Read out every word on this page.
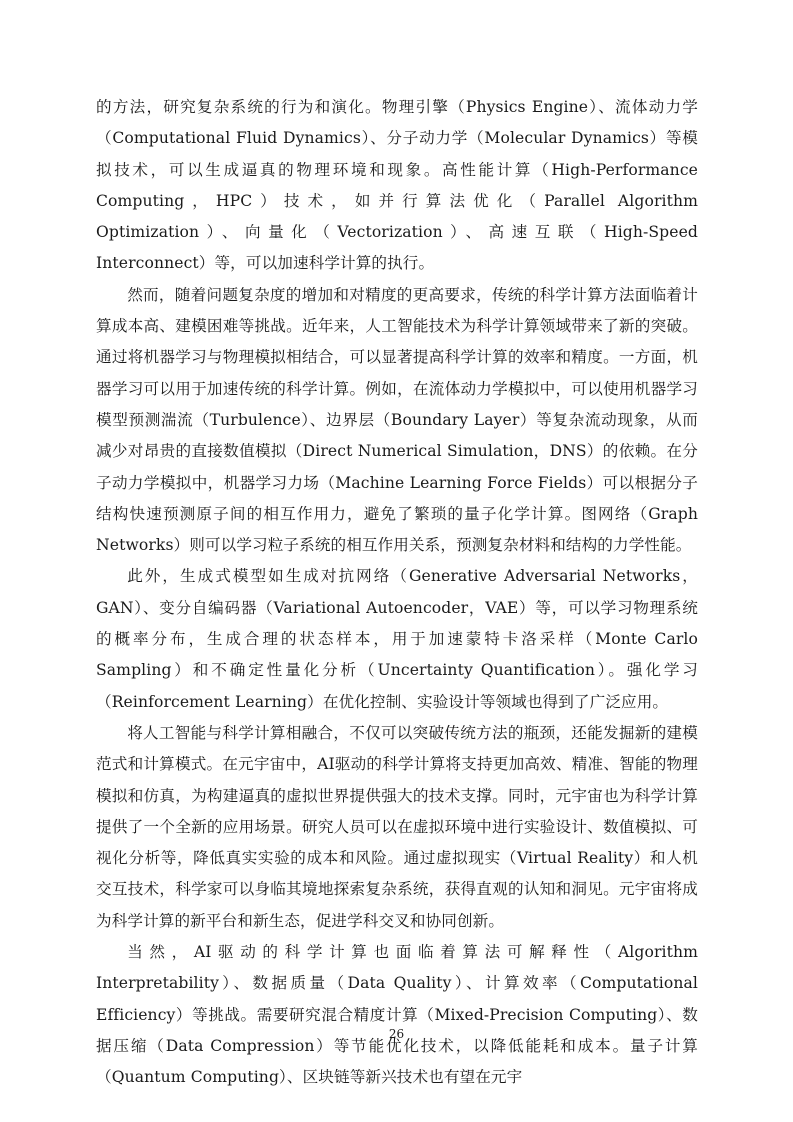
的方法，研究复杂系统的行为和演化。物理引擎（Physics Engine）、流体动力学（Computational Fluid Dynamics）、分子动力学（Molecular Dynamics）等模拟技术，可以生成逼真的物理环境和现象。高性能计算（High-Performance Computing，HPC）技术，如并行算法优化（Parallel Algorithm Optimization）、向量化（Vectorization）、高速互联（High-Speed Interconnect）等，可以加速科学计算的执行。

然而，随着问题复杂度的增加和对精度的更高要求，传统的科学计算方法面临着计算成本高、建模困难等挑战。近年来，人工智能技术为科学计算领域带来了新的突破。通过将机器学习与物理模拟相结合，可以显著提高科学计算的效率和精度。一方面，机器学习可以用于加速传统的科学计算。例如，在流体动力学模拟中，可以使用机器学习模型预测湍流（Turbulence）、边界层（Boundary Layer）等复杂流动现象，从而减少对昂贵的直接数值模拟（Direct Numerical Simulation，DNS）的依赖。在分子动力学模拟中，机器学习力场（Machine Learning Force Fields）可以根据分子结构快速预测原子间的相互作用力，避免了繁琐的量子化学计算。图网络（Graph Networks）则可以学习粒子系统的相互作用关系，预测复杂材料和结构的力学性能。

此外，生成式模型如生成对抗网络（Generative Adversarial Networks，GAN）、变分自编码器（Variational Autoencoder，VAE）等，可以学习物理系统的概率分布，生成合理的状态样本，用于加速蒙特卡洛采样（Monte Carlo Sampling）和不确定性量化分析（Uncertainty Quantification）。强化学习（Reinforcement Learning）在优化控制、实验设计等领域也得到了广泛应用。

将人工智能与科学计算相融合，不仅可以突破传统方法的瓶颈，还能发掘新的建模范式和计算模式。在元宇宙中，AI驱动的科学计算将支持更加高效、精准、智能的物理模拟和仿真，为构建逼真的虚拟世界提供强大的技术支撑。同时，元宇宙也为科学计算提供了一个全新的应用场景。研究人员可以在虚拟环境中进行实验设计、数值模拟、可视化分析等，降低真实实验的成本和风险。通过虚拟现实（Virtual Reality）和人机交互技术，科学家可以身临其境地探索复杂系统，获得直观的认知和洞见。元宇宙将成为科学计算的新平台和新生态，促进学科交叉和协同创新。

当然，AI驱动的科学计算也面临着算法可解释性（Algorithm Interpretability）、数据质量（Data Quality）、计算效率（Computational Efficiency）等挑战。需要研究混合精度计算（Mixed-Precision Computing）、数据压缩（Data Compression）等节能优化技术，以降低能耗和成本。量子计算（Quantum Computing）、区块链等新兴技术也有望在元宇

26
